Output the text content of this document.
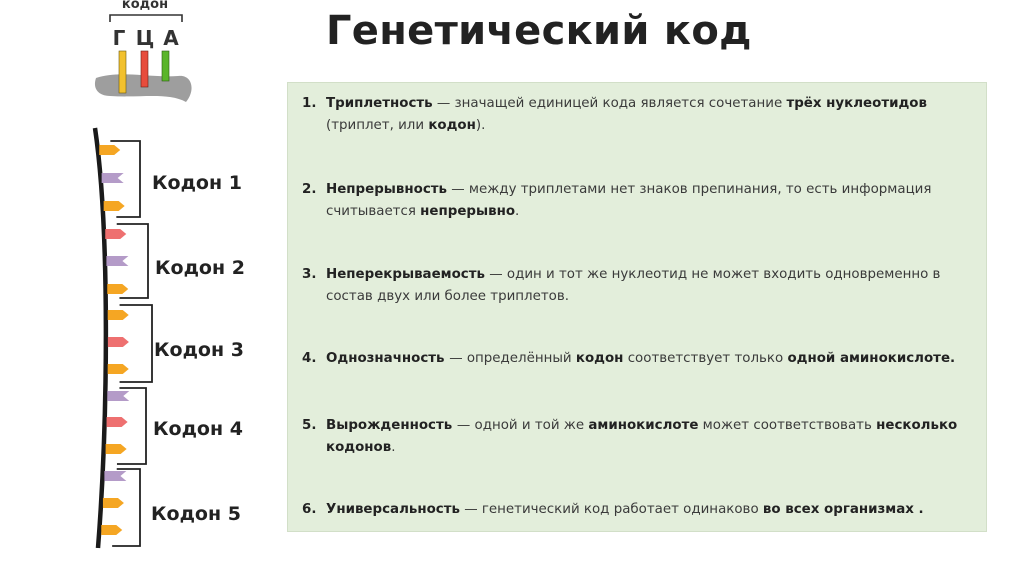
Генетический код
кодон
Г Ц А
Кодон 1
Кодон 2
Кодон 3
Кодон 4
Кодон 5
1. Триплетность — значащей единицей кода является сочетание трёх нуклеотидов (триплет, или кодон).
2. Непрерывность — между триплетами нет знаков препинания, то есть информация считывается непрерывно.
3. Неперекрываемость — один и тот же нуклеотид не может входить одновременно в состав двух или более триплетов.
4. Однозначность — определённый кодон соответствует только одной аминокислоте.
5. Вырожденность — одной и той же аминокислоте может соответствовать несколько кодонов.
6. Универсальность — генетический код работает одинаково во всех организмах .
